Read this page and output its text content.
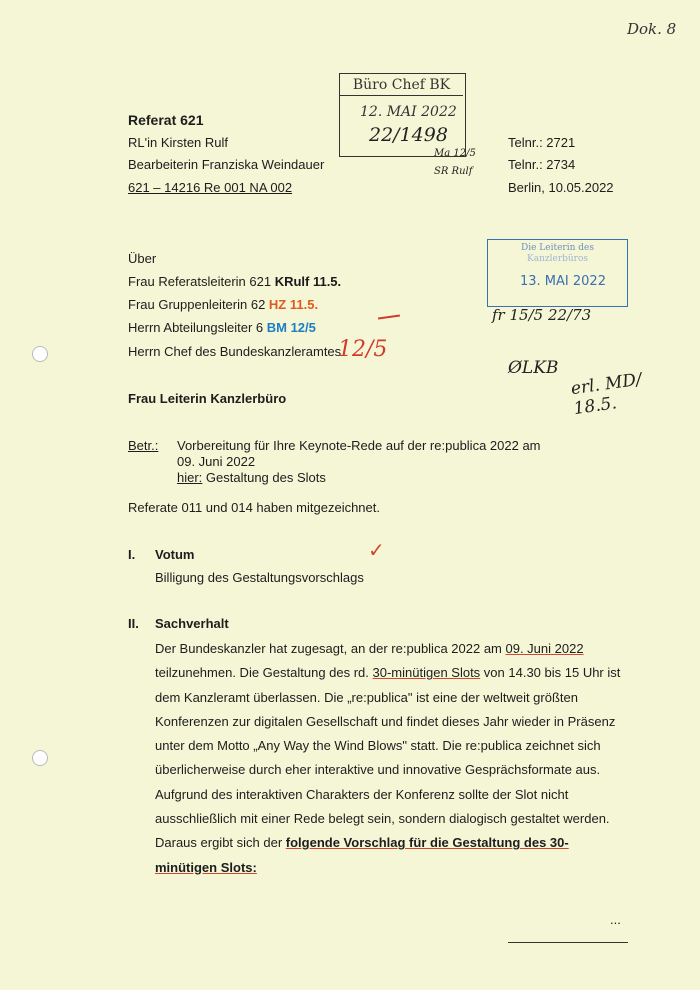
Dok. 8
Büro Chef BK
12. MAI 2022
22/1498
Ma 12/5
SR Rulf
Referat 621
RL'in Kirsten Rulf
Bearbeiterin Franziska Weindauer
621 – 14216 Re 001 NA 002
Telnr.: 2721
Telnr.: 2734
Berlin, 10.05.2022
Die Leiterin des
Kanzlerbüros
13. MAI 2022
fr 15/5 22/73
Über
Frau Referatsleiterin 621 KRulf 11.5.
Frau Gruppenleiterin 62 HZ 11.5.
Herrn Abteilungsleiter 6 BM 12/5
Herrn Chef des Bundeskanzleramtes
12/5
ØLKB
erl. MD/ 18.5.
Frau Leiterin Kanzlerbüro
Betr.: Vorbereitung für Ihre Keynote-Rede auf der re:publica 2022 am
09. Juni 2022
hier: Gestaltung des Slots
Referate 011 und 014 haben mitgezeichnet.
I. Votum	✓
Billigung des Gestaltungsvorschlags
II. Sachverhalt
Der Bundeskanzler hat zugesagt, an der re:publica 2022 am 09. Juni 2022 teilzunehmen. Die Gestaltung des rd. 30-minütigen Slots von 14.30 bis 15 Uhr ist dem Kanzleramt überlassen. Die „re:publica" ist eine der weltweit größten Konferenzen zur digitalen Gesellschaft und findet dieses Jahr wieder in Präsenz unter dem Motto „Any Way the Wind Blows" statt. Die re:publica zeichnet sich überlicherweise durch eher interaktive und innovative Gesprächsformate aus. Aufgrund des interaktiven Charakters der Konferenz sollte der Slot nicht ausschließlich mit einer Rede belegt sein, sondern dialogisch gestaltet werden.
Daraus ergibt sich der folgende Vorschlag für die Gestaltung des 30-minütigen Slots:
...
